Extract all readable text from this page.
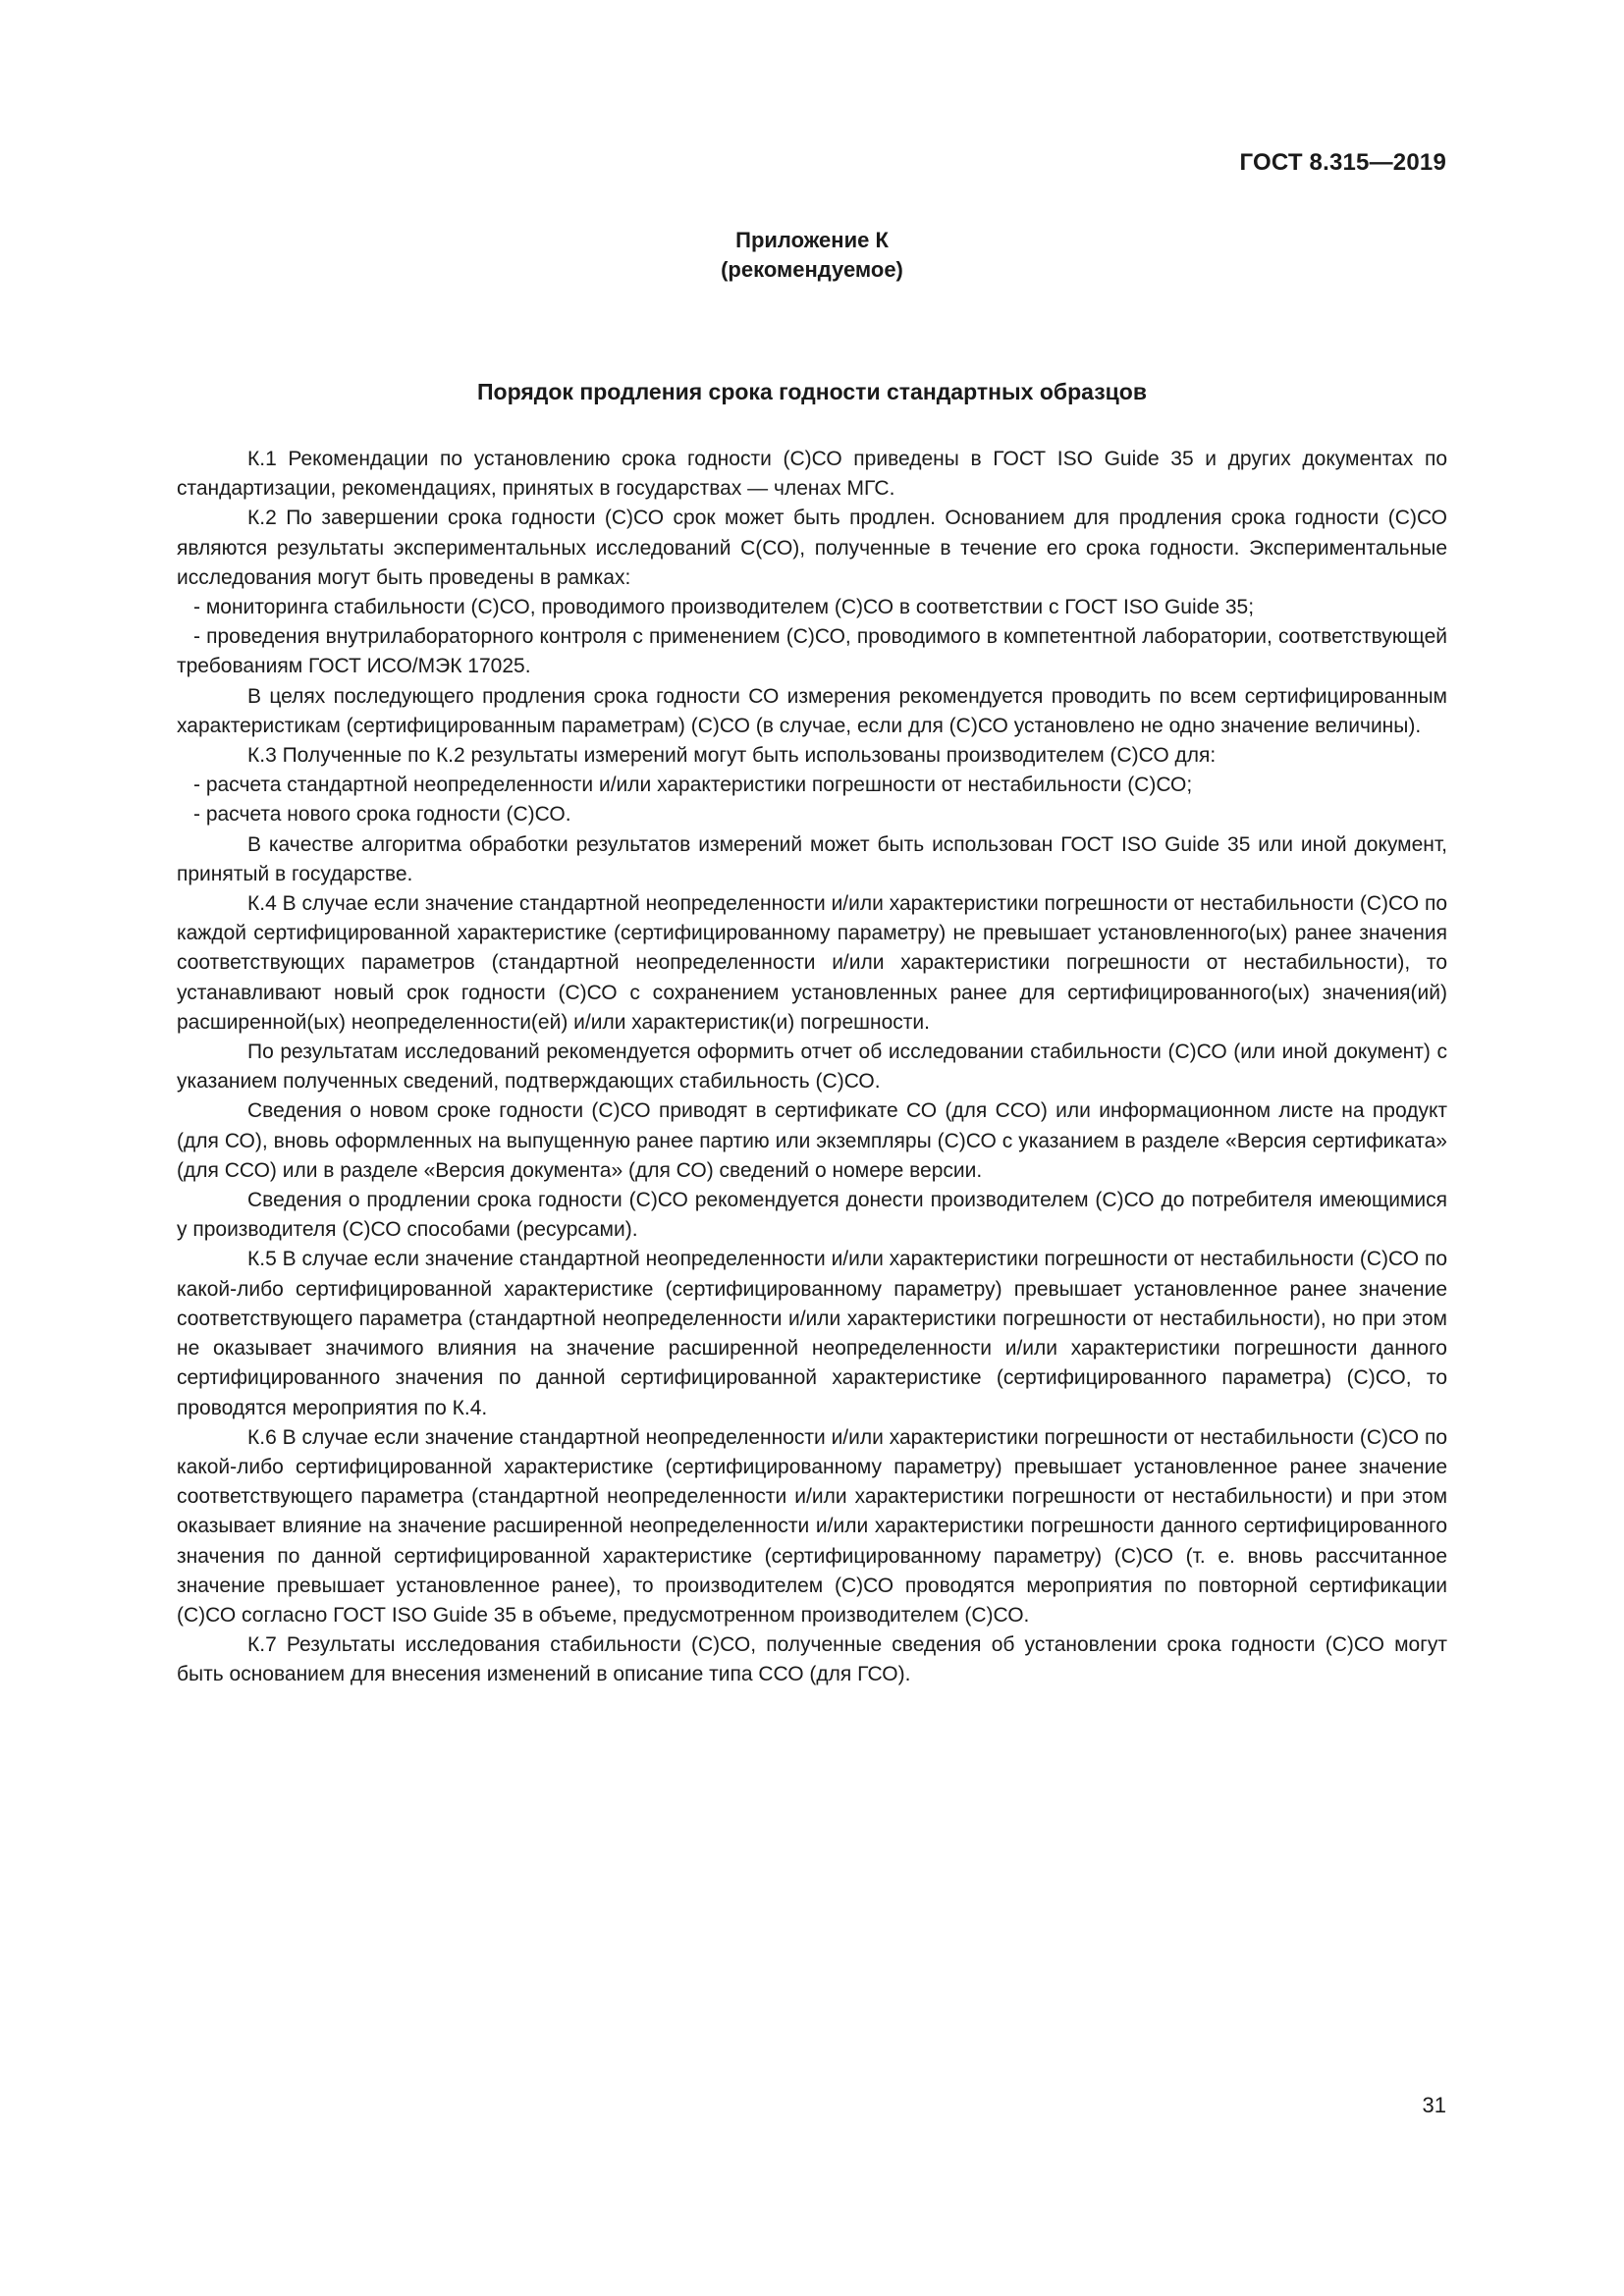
ГОСТ 8.315—2019
Приложение К
(рекомендуемое)
Порядок продления срока годности стандартных образцов

К.1 Рекомендации по установлению срока годности (С)СО приведены в ГОСТ ISO Guide 35 и других документах по стандартизации, рекомендациях, принятых в государствах — членах МГС.

К.2 По завершении срока годности (С)СО срок может быть продлен. Основанием для продления срока годности (С)СО являются результаты экспериментальных исследований С(СО), полученные в течение его срока годности. Экспериментальные исследования могут быть проведены в рамках:

- мониторинга стабильности (С)СО, проводимого производителем (С)СО в соответствии с ГОСТ ISO Guide 35;

- проведения внутрилабораторного контроля с применением (С)СО, проводимого в компетентной лаборатории, соответствующей требованиям ГОСТ ИСО/МЭК 17025.

В целях последующего продления срока годности СО измерения рекомендуется проводить по всем сертифицированным характеристикам (сертифицированным параметрам) (С)СО (в случае, если для (С)СО установлено не одно значение величины).

К.3 Полученные по К.2 результаты измерений могут быть использованы производителем (С)СО для:

- расчета стандартной неопределенности и/или характеристики погрешности от нестабильности (С)СО;

- расчета нового срока годности (С)СО.

В качестве алгоритма обработки результатов измерений может быть использован ГОСТ ISO Guide 35 или иной документ, принятый в государстве.

К.4 В случае если значение стандартной неопределенности и/или характеристики погрешности от нестабильности (С)СО по каждой сертифицированной характеристике (сертифицированному параметру) не превышает установленного(ых) ранее значения соответствующих параметров (стандартной неопределенности и/или характеристики погрешности от нестабильности), то устанавливают новый срок годности (С)СО с сохранением установленных ранее для сертифицированного(ых) значения(ий) расширенной(ых) неопределенности(ей) и/или характеристик(и) погрешности.

По результатам исследований рекомендуется оформить отчет об исследовании стабильности (С)СО (или иной документ) с указанием полученных сведений, подтверждающих стабильность (С)СО.

Сведения о новом сроке годности (С)СО приводят в сертификате СО (для ССО) или информационном листе на продукт (для СО), вновь оформленных на выпущенную ранее партию или экземпляры (С)СО с указанием в разделе «Версия сертификата» (для ССО) или в разделе «Версия документа» (для СО) сведений о номере версии.

Сведения о продлении срока годности (С)СО рекомендуется донести производителем (С)СО до потребителя имеющимися у производителя (С)СО способами (ресурсами).

К.5 В случае если значение стандартной неопределенности и/или характеристики погрешности от нестабильности (С)СО по какой-либо сертифицированной характеристике (сертифицированному параметру) превышает установленное ранее значение соответствующего параметра (стандартной неопределенности и/или характеристики погрешности от нестабильности), но при этом не оказывает значимого влияния на значение расширенной неопределенности и/или характеристики погрешности данного сертифицированного значения по данной сертифицированной характеристике (сертифицированного параметра) (С)СО, то проводятся мероприятия по К.4.

К.6 В случае если значение стандартной неопределенности и/или характеристики погрешности от нестабильности (С)СО по какой-либо сертифицированной характеристике (сертифицированному параметру) превышает установленное ранее значение соответствующего параметра (стандартной неопределенности и/или характеристики погрешности от нестабильности) и при этом оказывает влияние на значение расширенной неопределенности и/или характеристики погрешности данного сертифицированного значения по данной сертифицированной характеристике (сертифицированному параметру) (С)СО (т. е. вновь рассчитанное значение превышает установленное ранее), то производителем (С)СО проводятся мероприятия по повторной сертификации (С)СО согласно ГОСТ ISO Guide 35 в объеме, предусмотренном производителем (С)СО.

К.7 Результаты исследования стабильности (С)СО, полученные сведения об установлении срока годности (С)СО могут быть основанием для внесения изменений в описание типа ССО (для ГСО).

31
